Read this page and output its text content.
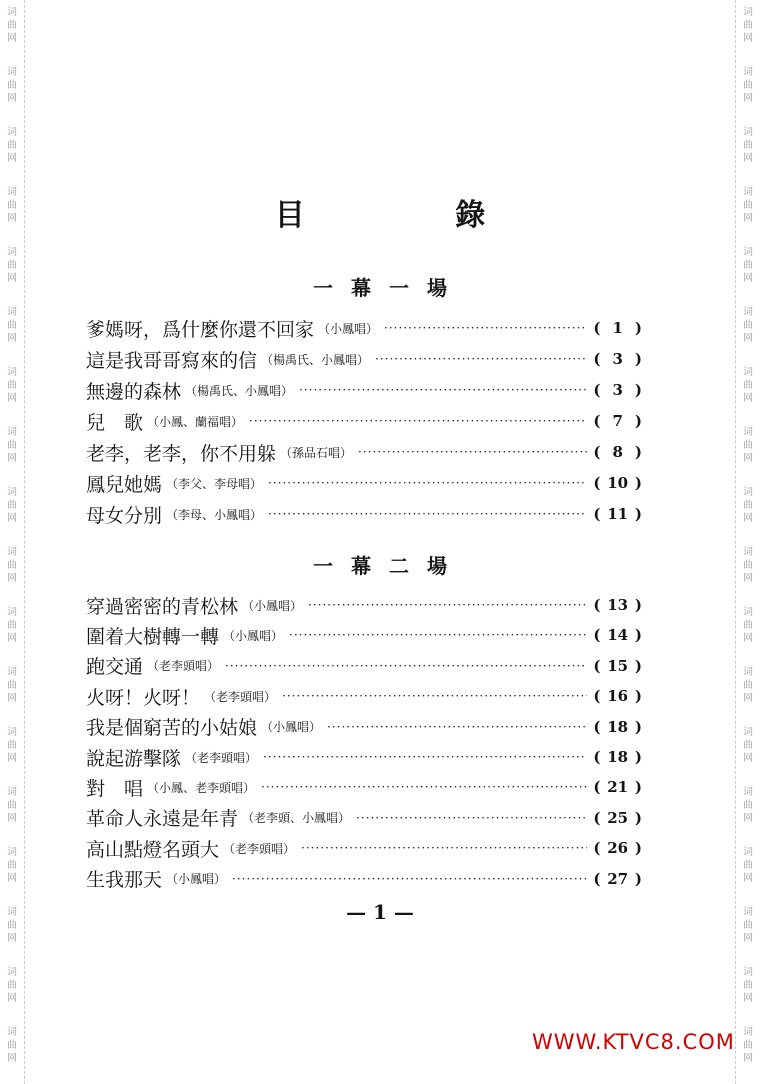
词
曲
网
词
曲
网
词
曲
网
词
曲
网
词
曲
网
词
曲
网
词
曲
网
词
曲
网
词
曲
网
词
曲
网
词
曲
网
词
曲
网
词
曲
网
词
曲
网
词
曲
网
词
曲
网
词
曲
网
词
曲
网
词
曲
网
词
曲
网
词
曲
网
词
曲
网
词
曲
网
词
曲
网
词
曲
网
词
曲
网
词
曲
网
词
曲
网
词
曲
网
词
曲
网
词
曲
网
词
曲
网
词
曲
网
词
曲
网
词
曲
网
词
曲
网
目 錄
一幕一場
爹媽呀，爲什麼你還不回家 （小鳳唱） ·····	( 1 )
這是我哥哥寫來的信 （楊禹氏、小鳳唱） ·····	( 3 )
無邊的森林 （楊禹氏、小鳳唱） ·····	( 3 )
兒　歌 （小鳳、蘭福唱） ·····	( 7 )
老李，老李，你不用躲 （孫品石唱） ·····	( 8 )
鳳兒她媽 （李父、李母唱） ·····	( 10 )
母女分別 （李母、小鳳唱） ·····	( 11 )
一幕二場
穿過密密的青松林 （小鳳唱） ·····	( 13 )
圍着大樹轉一轉 （小鳳唱） ·····	( 14 )
跑交通 （老李頭唱） ·····	( 15 )
火呀！火呀！ （老李頭唱） ·····	( 16 )
我是個窮苦的小姑娘 （小鳳唱） ·····	( 18 )
說起游擊隊 （老李頭唱） ·····	( 18 )
對　唱 （小鳳、老李頭唱） ·····	( 21 )
革命人永遠是年青 （老李頭、小鳳唱） ·····	( 25 )
高山點燈名頭大 （老李頭唱） ·····	( 26 )
生我那天 （小鳳唱） ·····	( 27 )
— 1 —
WWW.KTVC8.COM
